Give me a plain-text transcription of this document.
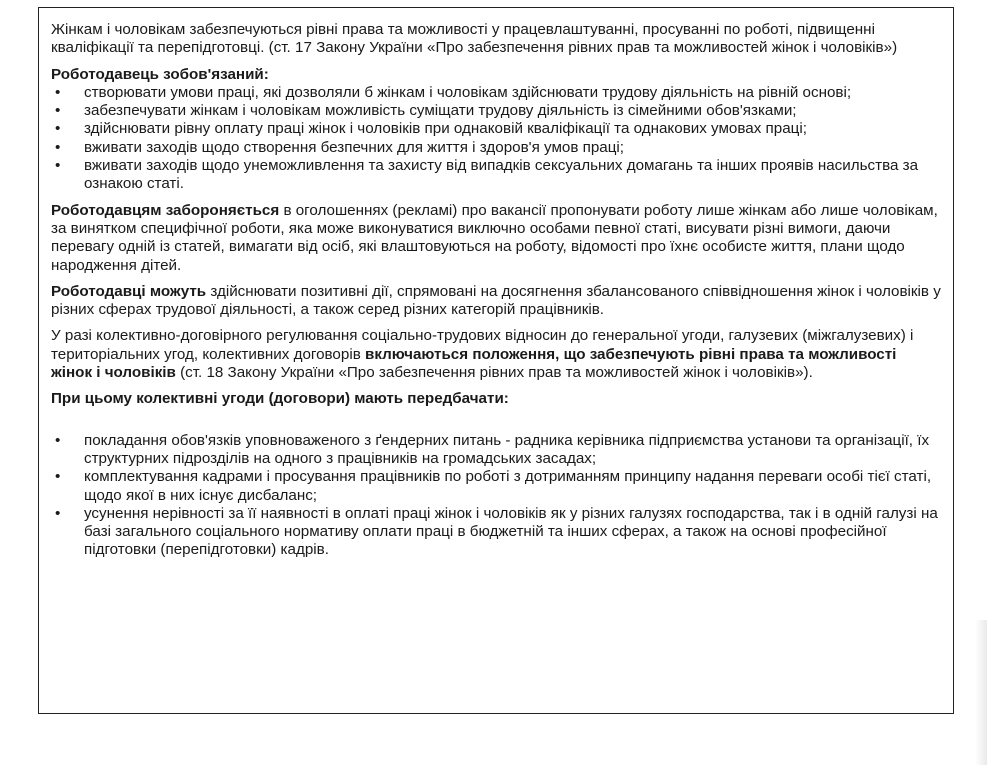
Жінкам і чоловікам забезпечуються рівні права та можливості у працевлаштуванні, просуванні по роботі, підвищенні кваліфікації та перепідготовці. (ст. 17 Закону України «Про забезпечення рівних прав та можливостей жінок і чоловіків»)

Роботодавець зобов'язаний:

• створювати умови праці, які дозволяли б жінкам і чоловікам здійснювати трудову діяльність на рівній основі;
• забезпечувати жінкам і чоловікам можливість суміщати трудову діяльність із сімейними обов'язками;
• здійснювати рівну оплату праці жінок і чоловіків при однаковій кваліфікації та однакових умовах праці;
• вживати заходів щодо створення безпечних для життя і здоров'я умов праці;
• вживати заходів щодо унеможливлення та захисту від випадків сексуальних домагань та інших проявів насильства за ознакою статі.

Роботодавцям забороняється в оголошеннях (рекламі) про вакансії пропонувати роботу лише жінкам або лише чоловікам, за винятком специфічної роботи, яка може виконуватися виключно особами певної статі, висувати різні вимоги, даючи перевагу одній із статей, вимагати від осіб, які влаштовуються на роботу, відомості про їхнє особисте життя, плани щодо народження дітей.

Роботодавці можуть здійснювати позитивні дії, спрямовані на досягнення збалансованого співвідношення жінок і чоловіків у різних сферах трудової діяльності, а також серед різних категорій працівників.

У разі колективно-договірного регулювання соціально-трудових відносин до генеральної угоди, галузевих (міжгалузевих) і територіальних угод, колективних договорів включаються положення, що забезпечують рівні права та можливості жінок і чоловіків (ст. 18 Закону України «Про забезпечення рівних прав та можливостей жінок і чоловіків»).

При цьому колективні угоди (договори) мають передбачати:

• покладання обов'язків уповноваженого з ґендерних питань - радника керівника підприємства установи та організації, їх структурних підрозділів на одного з працівників на громадських засадах;
• комплектування кадрами і просування працівників по роботі з дотриманням принципу надання переваги особі тієї статі, щодо якої в них існує дисбаланс;
• усунення нерівності за її наявності в оплаті праці жінок і чоловіків як у різних галузях господарства, так і в одній галузі на базі загального соціального нормативу оплати праці в бюджетній та інших сферах, а також на основі професійної підготовки (перепідготовки) кадрів.
